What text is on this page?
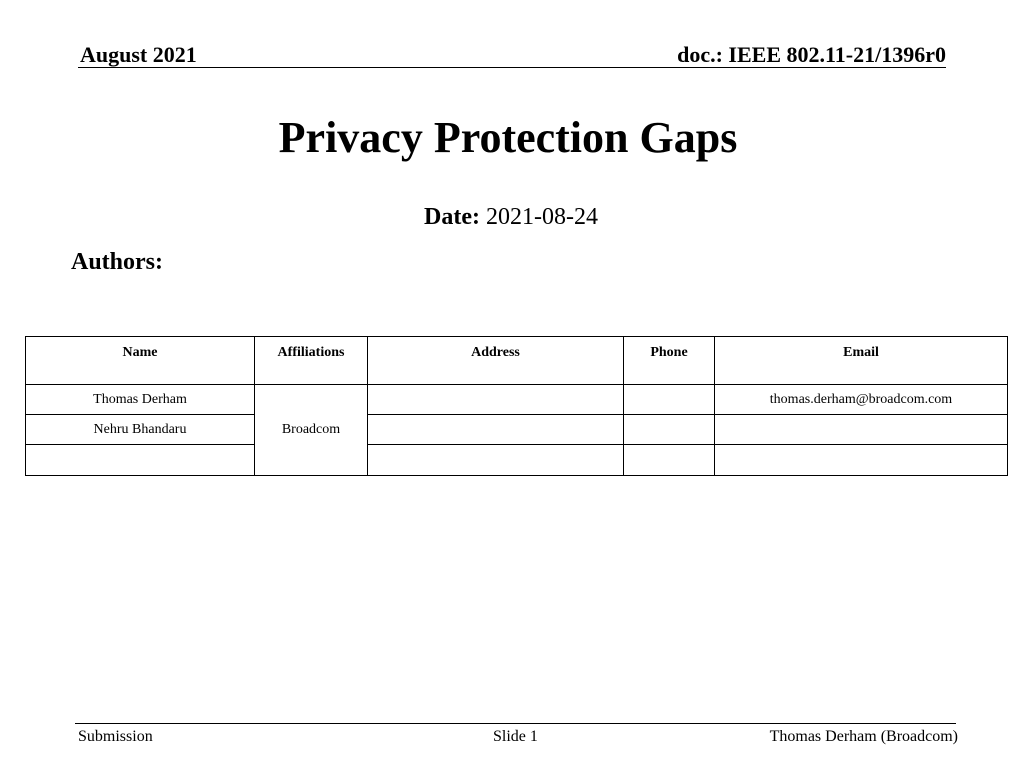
August 2021	doc.: IEEE 802.11-21/1396r0
Privacy Protection Gaps
Date: 2021-08-24
Authors:
Name	Affiliations	Address	Phone	Email
Thomas Derham	Broadcom			thomas.derham@broadcom.com
Nehru Bhandaru				

Submission	Slide 1	Thomas Derham (Broadcom)
